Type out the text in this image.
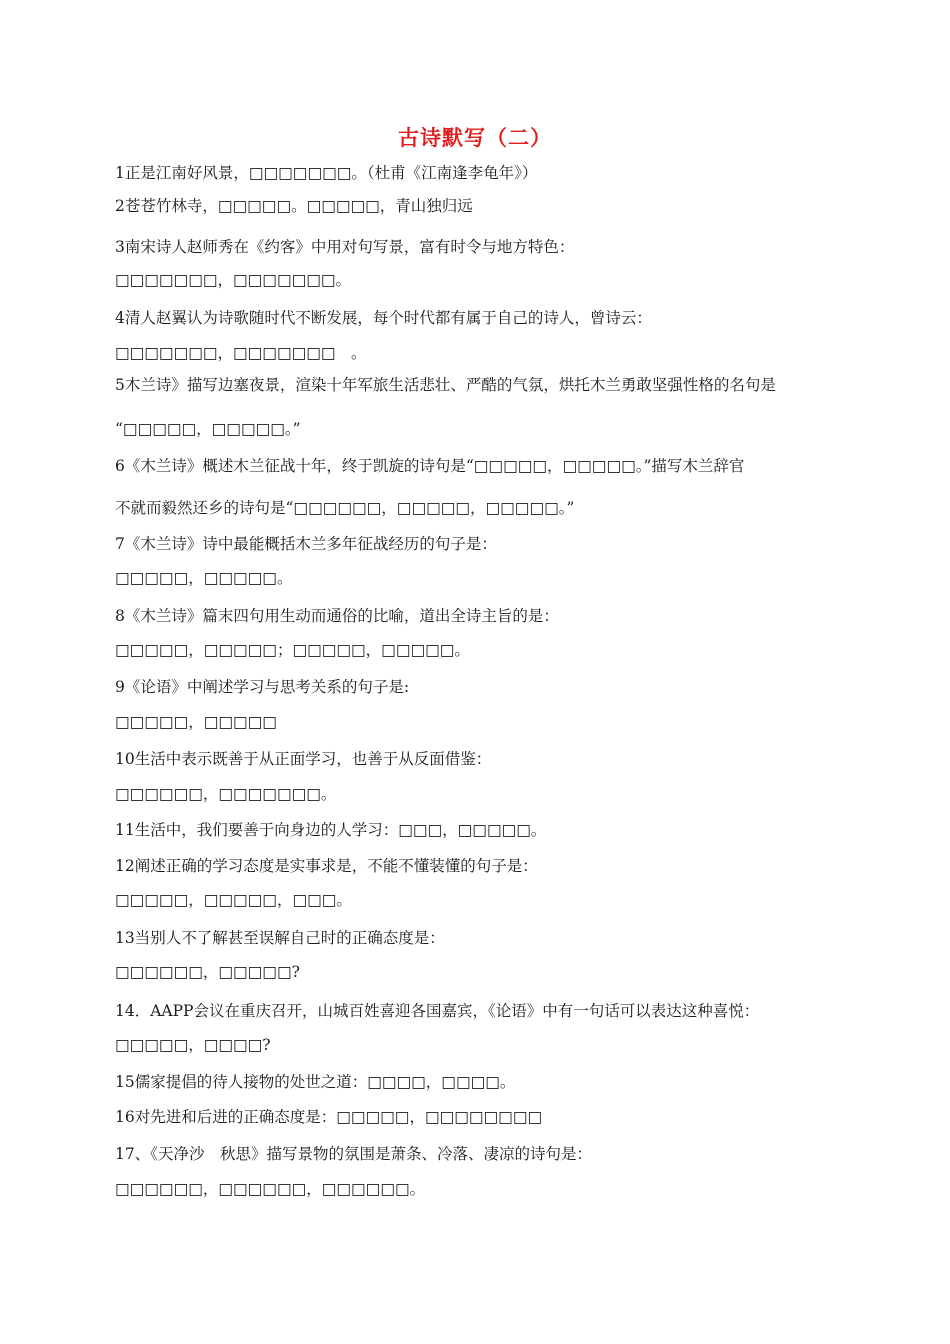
古诗默写（二）
1正是江南好风景，□□□□□□□。（杜甫《江南逢李龟年》）
2苍苍竹林寺，□□□□□。□□□□□，青山独归远
3南宋诗人赵师秀在《约客》中用对句写景，富有时令与地方特色：
□□□□□□□，□□□□□□□。
4清人赵翼认为诗歌随时代不断发展，每个时代都有属于自己的诗人，曾诗云：
□□□□□□□，□□□□□□□　。
5木兰诗》描写边塞夜景，渲染十年军旅生活悲壮、严酷的气氛，烘托木兰勇敢坚强性格的名句是
“□□□□□，□□□□□。”
6《木兰诗》概述木兰征战十年，终于凯旋的诗句是“□□□□□，□□□□□。”描写木兰辞官
不就而毅然还乡的诗句是“□□□□□□，□□□□□，□□□□□。”
7《木兰诗》诗中最能概括木兰多年征战经历的句子是：
□□□□□，□□□□□。
8《木兰诗》篇末四句用生动而通俗的比喻，道出全诗主旨的是：
□□□□□，□□□□□；□□□□□，□□□□□。
9《论语》中阐述学习与思考关系的句子是:
□□□□□，□□□□□
10生活中表示既善于从正面学习，也善于从反面借鉴：
□□□□□□，□□□□□□□。
11生活中，我们要善于向身边的人学习：□□□，□□□□□。
12阐述正确的学习态度是实事求是，不能不懂装懂的句子是：
□□□□□，□□□□□，□□□。
13当别人不了解甚至误解自己时的正确态度是：
□□□□□□，□□□□□?
14．AAPP会议在重庆召开，山城百姓喜迎各国嘉宾，《论语》中有一句话可以表达这种喜悦：
□□□□□，□□□□?
15儒家提倡的待人接物的处世之道：□□□□，□□□□。
16对先进和后进的正确态度是：□□□□□，□□□□□□□□
17、《天净沙　秋思》描写景物的氛围是萧条、冷落、凄凉的诗句是：
□□□□□□，□□□□□□，□□□□□□。
